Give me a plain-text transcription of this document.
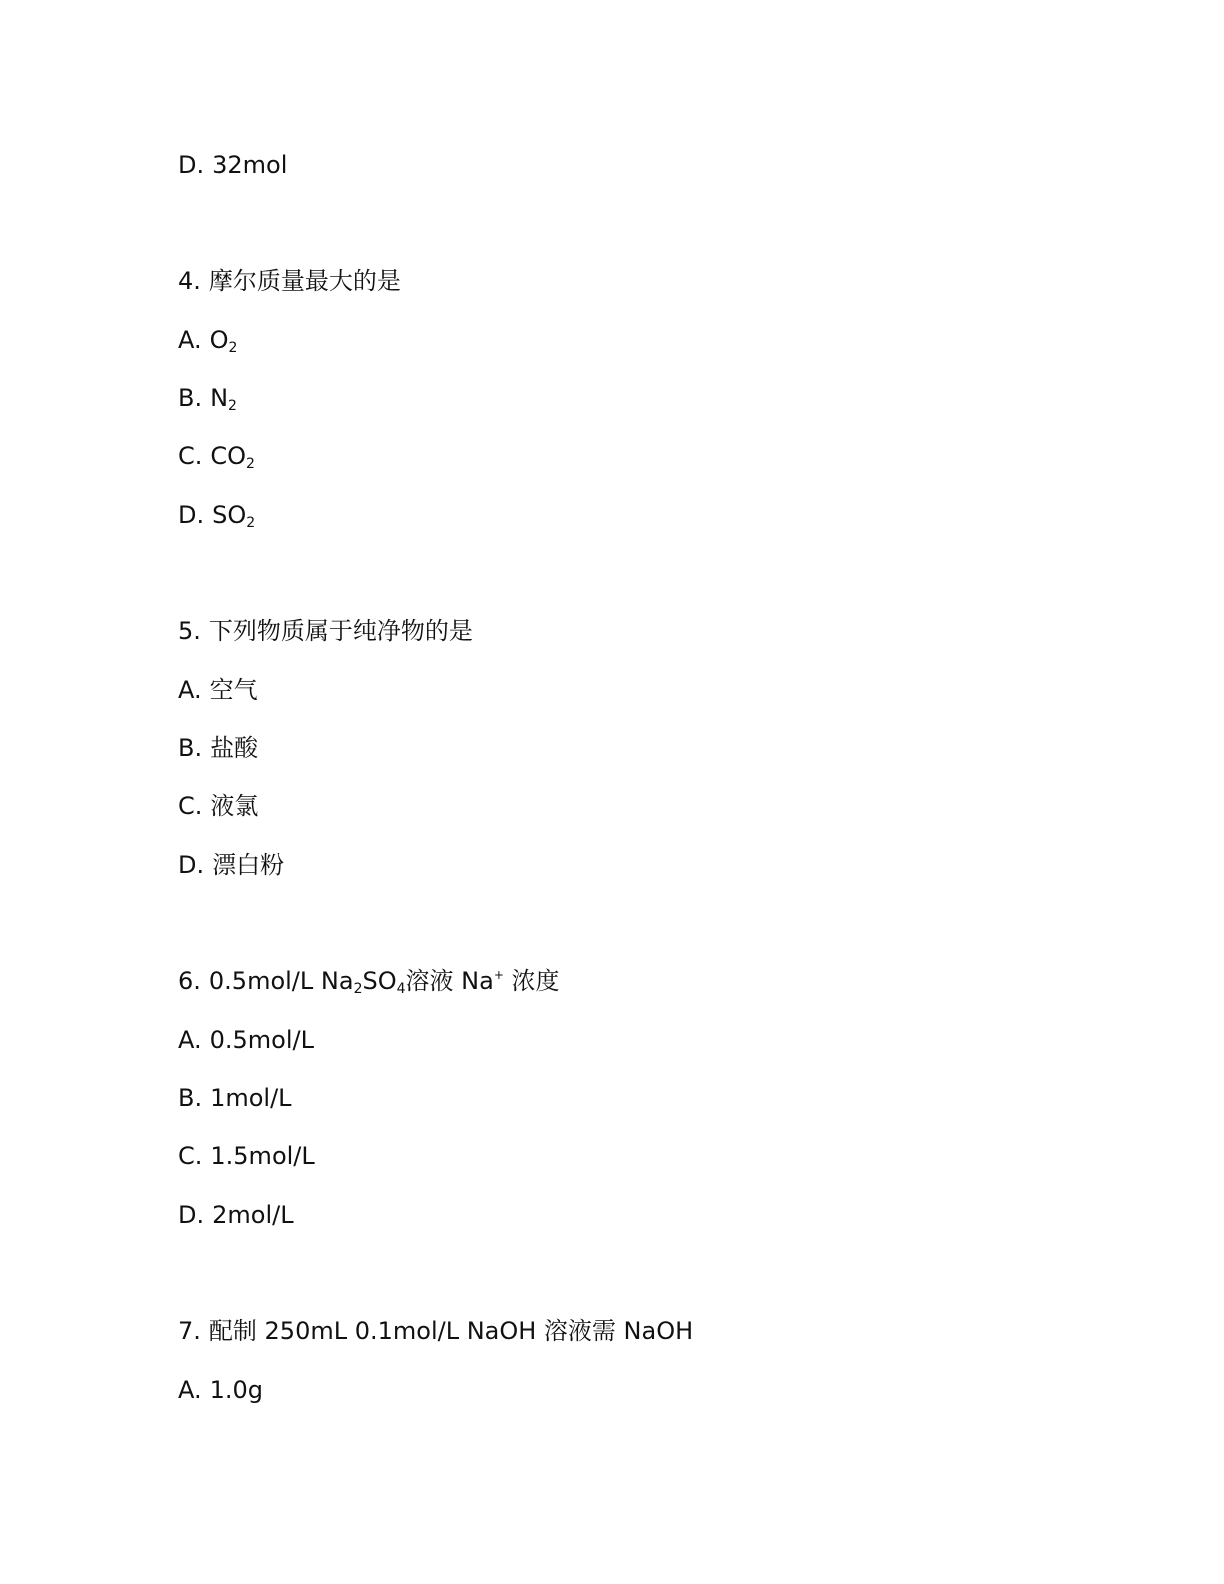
D. 32mol
4. 摩尔质量最大的是
A. $O_2$
B. $N_2$
C. $CO_2$
D. $SO_2$
5. 下列物质属于纯净物的是
A. 空气
B. 盐酸
C. 液氯
D. 漂白粉
6. 0.5mol/L $Na_2SO_4$溶液 Na+ 浓度
A. 0.5mol/L
B. 1mol/L
C. 1.5mol/L
D. 2mol/L
7. 配制 250mL 0.1mol/L NaOH 溶液需 NaOH
A. 1.0g
